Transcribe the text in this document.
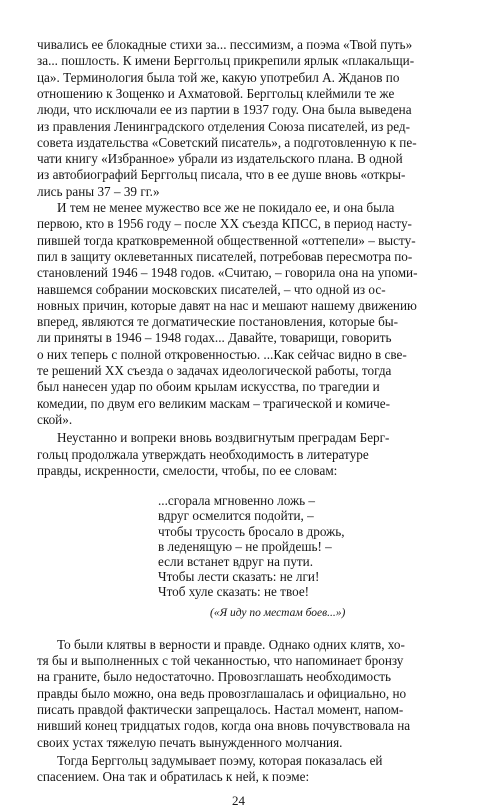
чивались ее блокадные стихи за... пессимизм, а поэма «Твой путь»

за... пошлость. К имени Берггольц прикрепили ярлык «плакальщи-

ца». Терминология была той же, какую употребил А. Жданов по

отношению к Зощенко и Ахматовой. Берггольц клеймили те же

люди, что исключали ее из партии в 1937 году. Она была выведена

из правления Ленинградского отделения Союза писателей, из ред-

совета издательства «Советский писатель», а подготовленную к пе-

чати книгу «Избранное» убрали из издательского плана. В одной

из автобиографий Берггольц писала, что в ее душе вновь «откры-

лись раны 37 – 39 гг.»

И тем не менее мужество все же не покидало ее, и она была

первою, кто в 1956 году – после XX съезда КПСС, в период насту-

пившей тогда кратковременной общественной «оттепели» – высту-

пил в защиту оклеветанных писателей, потребовав пересмотра по-

становлений 1946 – 1948 годов. «Считаю, – говорила она на упоми-

навшемся собрании московских писателей, – что одной из ос-

новных причин, которые давят на нас и мешают нашему движению

вперед, являются те догматические постановления, которые бы-

ли приняты в 1946 – 1948 годах... Давайте, товарищи, говорить

о них теперь с полной откровенностью. ...Как сейчас видно в све-

те решений XX съезда о задачах идеологической работы, тогда

был нанесен удар по обоим крылам искусства, по трагедии и

комедии, по двум его великим маскам – трагической и комиче-

ской».

Неустанно и вопреки вновь воздвигнутым преградам Берг-

гольц продолжала утверждать необходимость в литературе

правды, искренности, смелости, чтобы, по ее словам:

...сгорала мгновенно ложь –

вдруг осмелится подойти, –

чтобы трусость бросало в дрожь,

в леденящую – не пройдешь! –

если встанет вдруг на пути.

Чтобы лести сказать: не лги!

Чтоб хуле сказать: не твое!

(«Я иду по местам боев...»)

То были клятвы в верности и правде. Однако одних клятв, хо-

тя бы и выполненных с той чеканностью, что напоминает бронзу

на граните, было недостаточно. Провозглашать необходимость

правды было можно, она ведь провозглашалась и официально, но

писать правдой фактически запрещалось. Настал момент, напом-

нивший конец тридцатых годов, когда она вновь почувствовала на

своих устах тяжелую печать вынужденного молчания.

Тогда Берггольц задумывает поэму, которая показалась ей

спасением. Она так и обратилась к ней, к поэме:

24
